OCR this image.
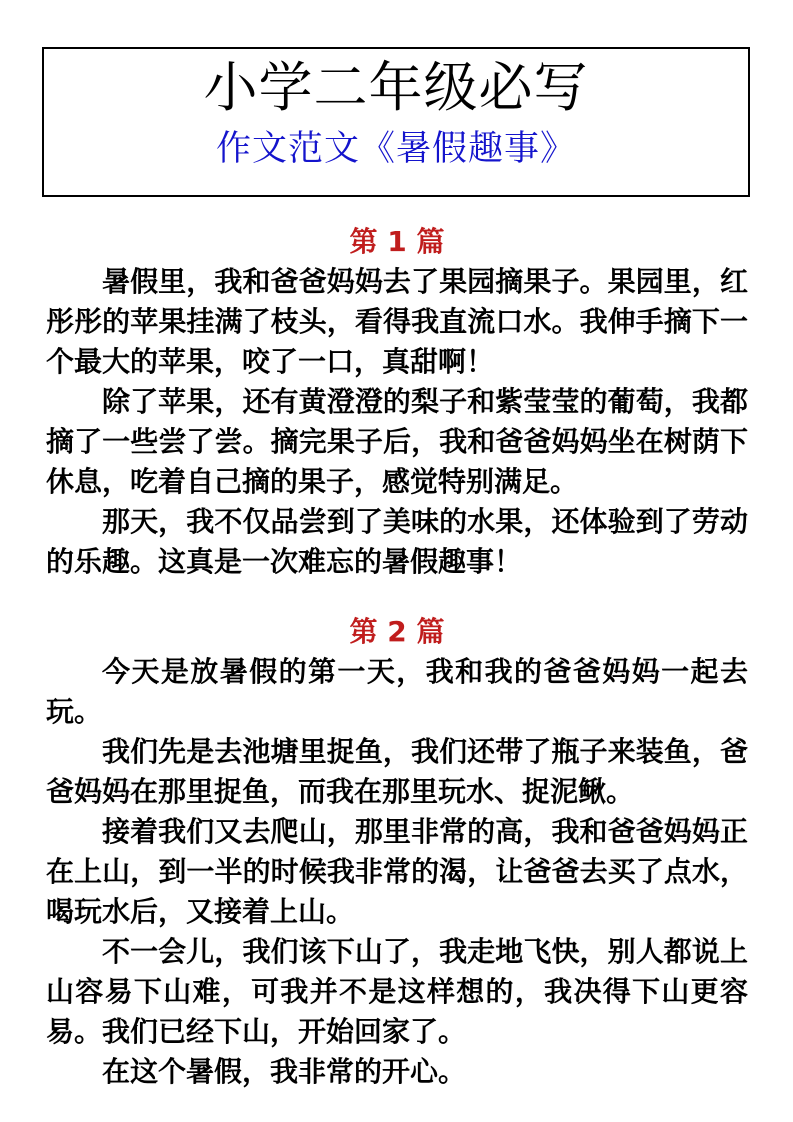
小学二年级必写
作文范文《暑假趣事》
第 1 篇

暑假里，我和爸爸妈妈去了果园摘果子。果园里，红彤彤的苹果挂满了枝头，看得我直流口水。我伸手摘下一个最大的苹果，咬了一口，真甜啊！

除了苹果，还有黄澄澄的梨子和紫莹莹的葡萄，我都摘了一些尝了尝。摘完果子后，我和爸爸妈妈坐在树荫下休息，吃着自己摘的果子，感觉特别满足。

那天，我不仅品尝到了美味的水果，还体验到了劳动的乐趣。这真是一次难忘的暑假趣事！

第 2 篇

今天是放暑假的第一天，我和我的爸爸妈妈一起去玩。

我们先是去池塘里捉鱼，我们还带了瓶子来装鱼，爸爸妈妈在那里捉鱼，而我在那里玩水、捉泥鳅。

接着我们又去爬山，那里非常的高，我和爸爸妈妈正在上山，到一半的时候我非常的渴，让爸爸去买了点水，喝玩水后，又接着上山。

不一会儿，我们该下山了，我走地飞快，别人都说上山容易下山难，可我并不是这样想的，我决得下山更容易。我们已经下山，开始回家了。

在这个暑假，我非常的开心。
